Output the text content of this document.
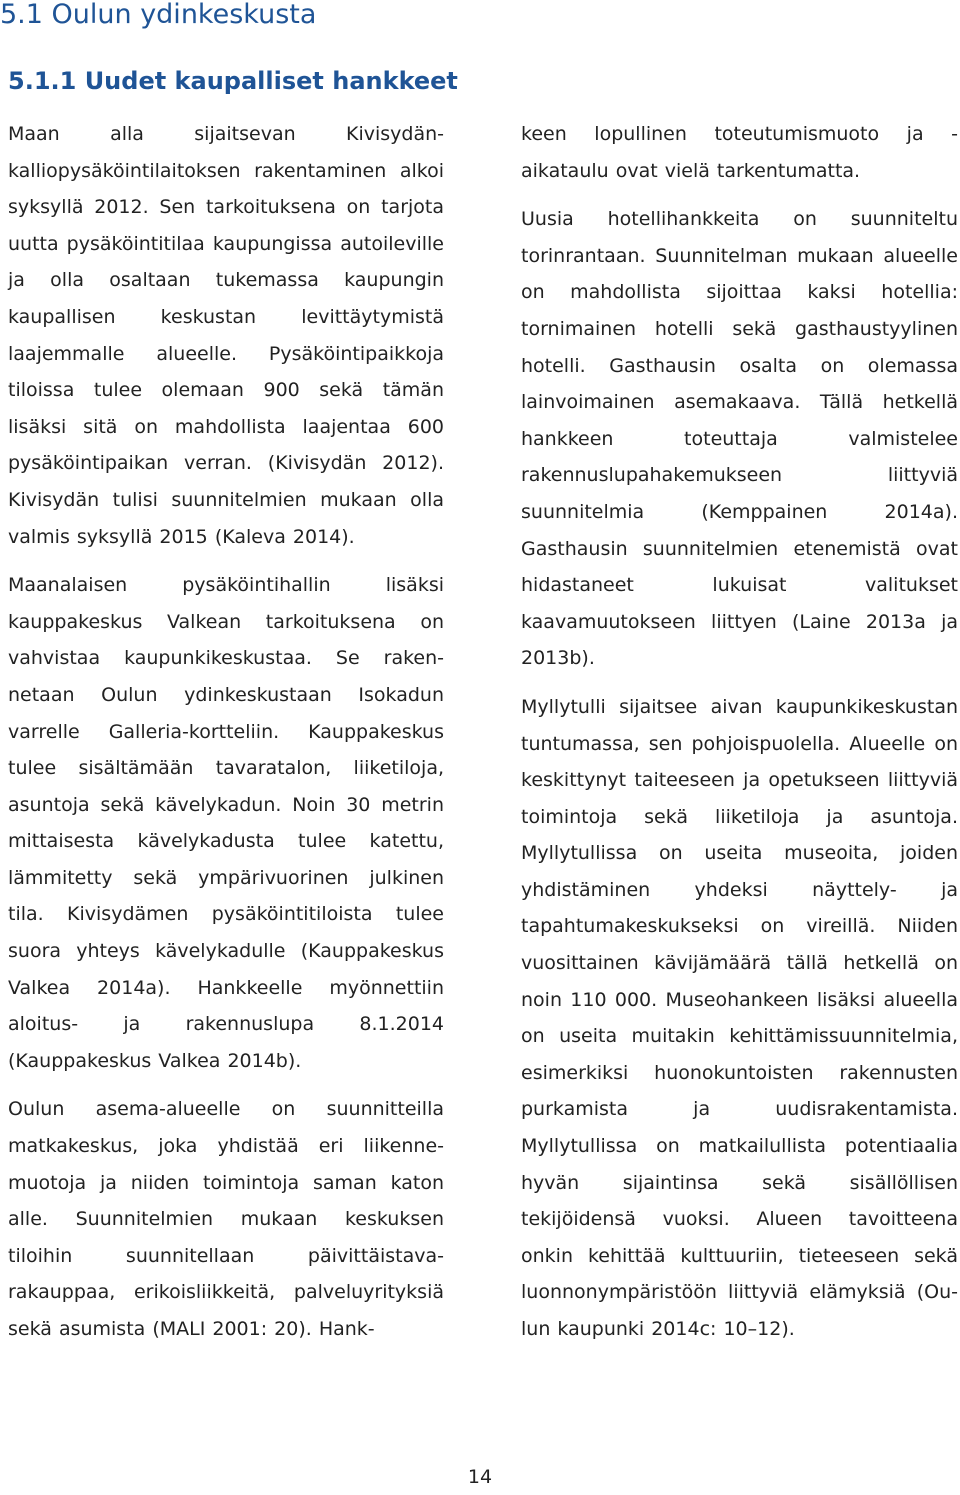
5.1 Oulun ydinkeskusta
5.1.1 Uudet kaupalliset hankkeet

Maan alla sijaitsevan Kivisydänkalliopysäköintilaitoksen rakentaminen alkoi syksyllä 2012. Sen tarkoituksena on tarjota uutta pysäköintitilaa kaupungissa autoileville ja olla osaltaan tukemassa kaupungin kaupallisen keskustan levittäytymistä laajemmalle alueelle. Pysäköintipaikkoja tiloissa tulee olemaan 900 sekä tämän lisäksi sitä on mahdollista laajentaa 600 pysäköintipaikan verran. (Kivisydän 2012). Kivisydän tulisi suunnitelmien mukaan olla valmis syksyllä 2015 (Kaleva 2014).

Maanalaisen pysäköintihallin lisäksi kauppakeskus Valkean tarkoituksena on vahvistaa kaupunkikeskustaa. Se rakennetaan Oulun ydinkeskustaan Isokadun varrelle Galleria-kortteliin. Kauppakeskus tulee sisältämään tavaratalon, liiketiloja, asuntoja sekä kävelykadun. Noin 30 metrin mittaisesta kävelykadusta tulee katettu, lämmitetty sekä ympärivuorinen julkinen tila. Kivisydämen pysäköintitiloista tulee suora yhteys kävelykadulle (Kauppakeskus Valkea 2014a). Hankkeelle myönnettiin aloitus- ja rakennuslupa 8.1.2014 (Kauppakeskus Valkea 2014b).

Oulun asema-alueelle on suunnitteilla matkakeskus, joka yhdistää eri liikennemuotoja ja niiden toimintoja saman katon alle. Suunnitelmien mukaan keskuksen tiloihin suunnitellaan päivittäistavarakauppaa, erikoisliikkeitä, palveluyrityksiä sekä asumista (MALI 2001: 20). Hank-

keen lopullinen toteutumismuoto ja -aikataulu ovat vielä tarkentumatta.

Uusia hotellihankkeita on suunniteltu torinrantaan. Suunnitelman mukaan alueelle on mahdollista sijoittaa kaksi hotellia: tornimainen hotelli sekä gasthaustyylinen hotelli. Gasthausin osalta on olemassa lainvoimainen asemakaava. Tällä hetkellä hankkeen toteuttaja valmistelee rakennuslupahakemukseen liittyviä suunnitelmia (Kemppainen 2014a). Gasthausin suunnitelmien etenemistä ovat hidastaneet lukuisat valitukset kaavamuutokseen liittyen (Laine 2013a ja 2013b).

Myllytulli sijaitsee aivan kaupunkikeskustan tuntumassa, sen pohjoispuolella. Alueelle on keskittynyt taiteeseen ja opetukseen liittyviä toimintoja sekä liiketiloja ja asuntoja. Myllytullissa on useita museoita, joiden yhdistäminen yhdeksi näyttely- ja tapahtumakeskukseksi on vireillä. Niiden vuosittainen kävijämäärä tällä hetkellä on noin 110 000. Museohankeen lisäksi alueella on useita muitakin kehittämissuunnitelmia, esimerkiksi huonokuntoisten rakennusten purkamista ja uudisrakentamista. Myllytullissa on matkailullista potentiaalia hyvän sijaintinsa sekä sisällöllisen tekijöidensä vuoksi. Alueen tavoitteena onkin kehittää kulttuuriin, tieteeseen sekä luonnonympäristöön liittyviä elämyksiä (Oulun kaupunki 2014c: 10–12).

14
